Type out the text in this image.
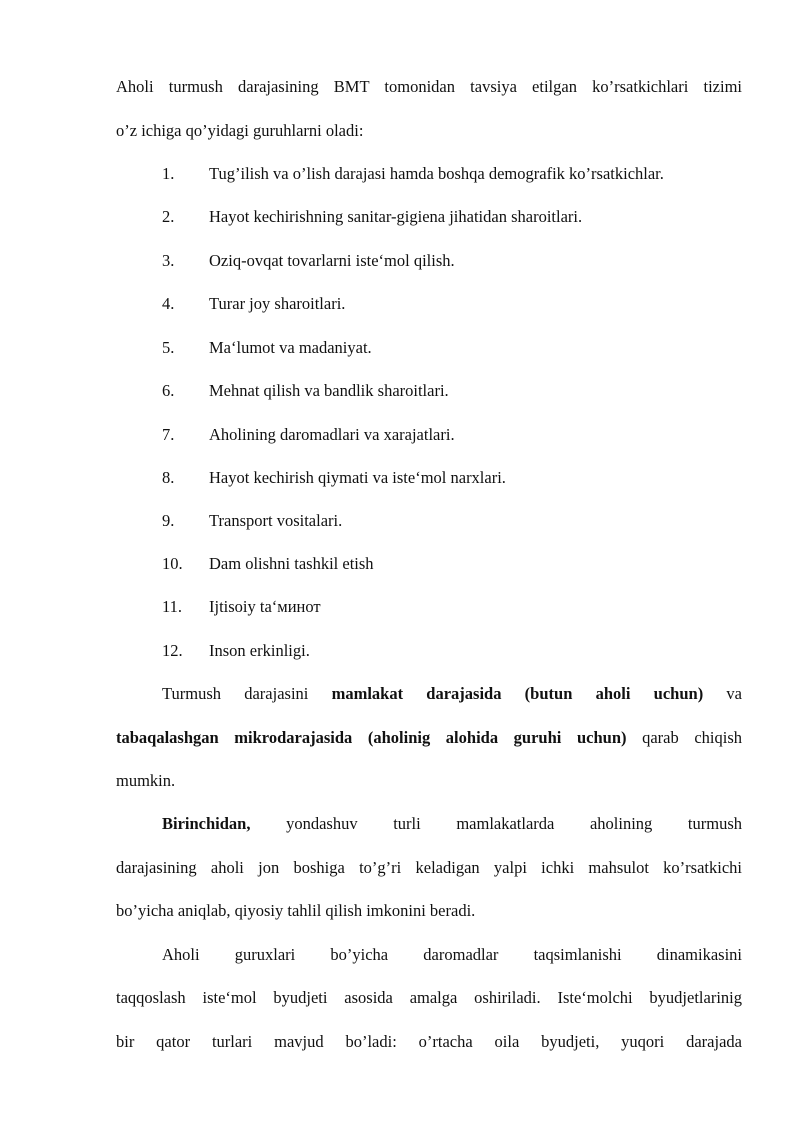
Aholi turmush darajasining BMT tomonidan tavsiya etilgan ko’rsatkichlari tizimi
o’z ichiga qo’yidagi guruhlarni oladi:
1. Tug’ilish va o’lish darajasi hamda boshqa demografik ko’rsatkichlar.
2. Hayot kechirishning sanitar-gigiena jihatidan sharoitlari.
3. Oziq-ovqat tovarlarni iste‘mol qilish.
4. Turar joy sharoitlari.
5. Ma‘lumot va madaniyat.
6. Mehnat qilish va bandlik sharoitlari.
7. Aholining daromadlari va xarajatlari.
8. Hayot kechirish qiymati va iste‘mol narxlari.
9. Transport vositalari.
10. Dam olishni tashkil etish
11. Ijtisoiy ta‘минот
12. Inson erkinligi.
Turmush darajasini mamlakat darajasida (butun aholi uchun) va
tabaqalashgan mikrodarajasida (aholinig alohida guruhi uchun) qarab chiqish
mumkin.
Birinchidan, yondashuv turli mamlakatlarda aholining turmush
darajasining aholi jon boshiga to’g’ri keladigan yalpi ichki mahsulot ko’rsatkichi
bo’yicha aniqlab, qiyosiy tahlil qilish imkonini beradi.
Aholi guruxlari bo’yicha daromadlar taqsimlanishi dinamikasini
taqqoslash iste‘mol byudjeti asosida amalga oshiriladi. Iste‘molchi byudjetlarinig
bir qator turlari mavjud bo’ladi: o’rtacha oila byudjeti, yuqori darajada
